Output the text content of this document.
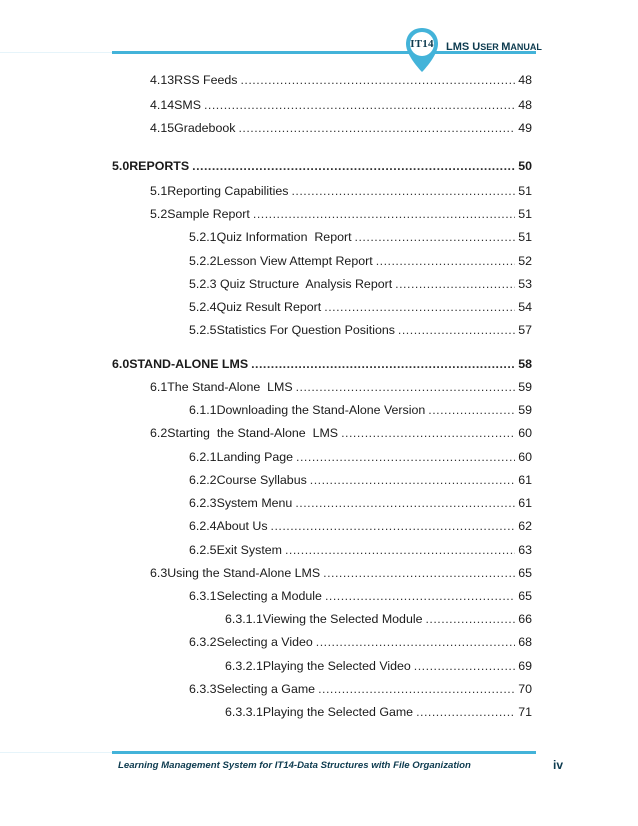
IT14	LMS USER MANUAL
4.13 RSS Feeds .....	48
4.14 SMS .....	48
4.15 Gradebook .....	49
5.0 REPORTS .....	50
5.1 Reporting Capabilities .....	51
5.2 Sample Report .....	51
5.2.1 Quiz Information  Report .....	51
5.2.2 Lesson View Attempt Report .....	52
5.2.3 Quiz Structure  Analysis Report .....	53
5.2.4 Quiz Result Report .....	54
5.2.5 Statistics For Question Positions .....	57
6.0 STAND-ALONE LMS .....	58
6.1 The Stand-Alone  LMS .....	59
6.1.1 Downloading the Stand-Alone Version .....	59
6.2 Starting  the Stand-Alone  LMS .....	60
6.2.1 Landing Page .....	60
6.2.2 Course Syllabus .....	61
6.2.3 System Menu .....	61
6.2.4 About Us .....	62
6.2.5 Exit System .....	63
6.3 Using the Stand-Alone LMS .....	65
6.3.1 Selecting a Module .....	65
6.3.1.1 Viewing the Selected Module .....	66
6.3.2 Selecting a Video .....	68
6.3.2.1 Playing the Selected Video .....	69
6.3.3 Selecting a Game .....	70
6.3.3.1 Playing the Selected Game .....	71
Learning Management System for IT14-Data Structures with File Organization	iv
